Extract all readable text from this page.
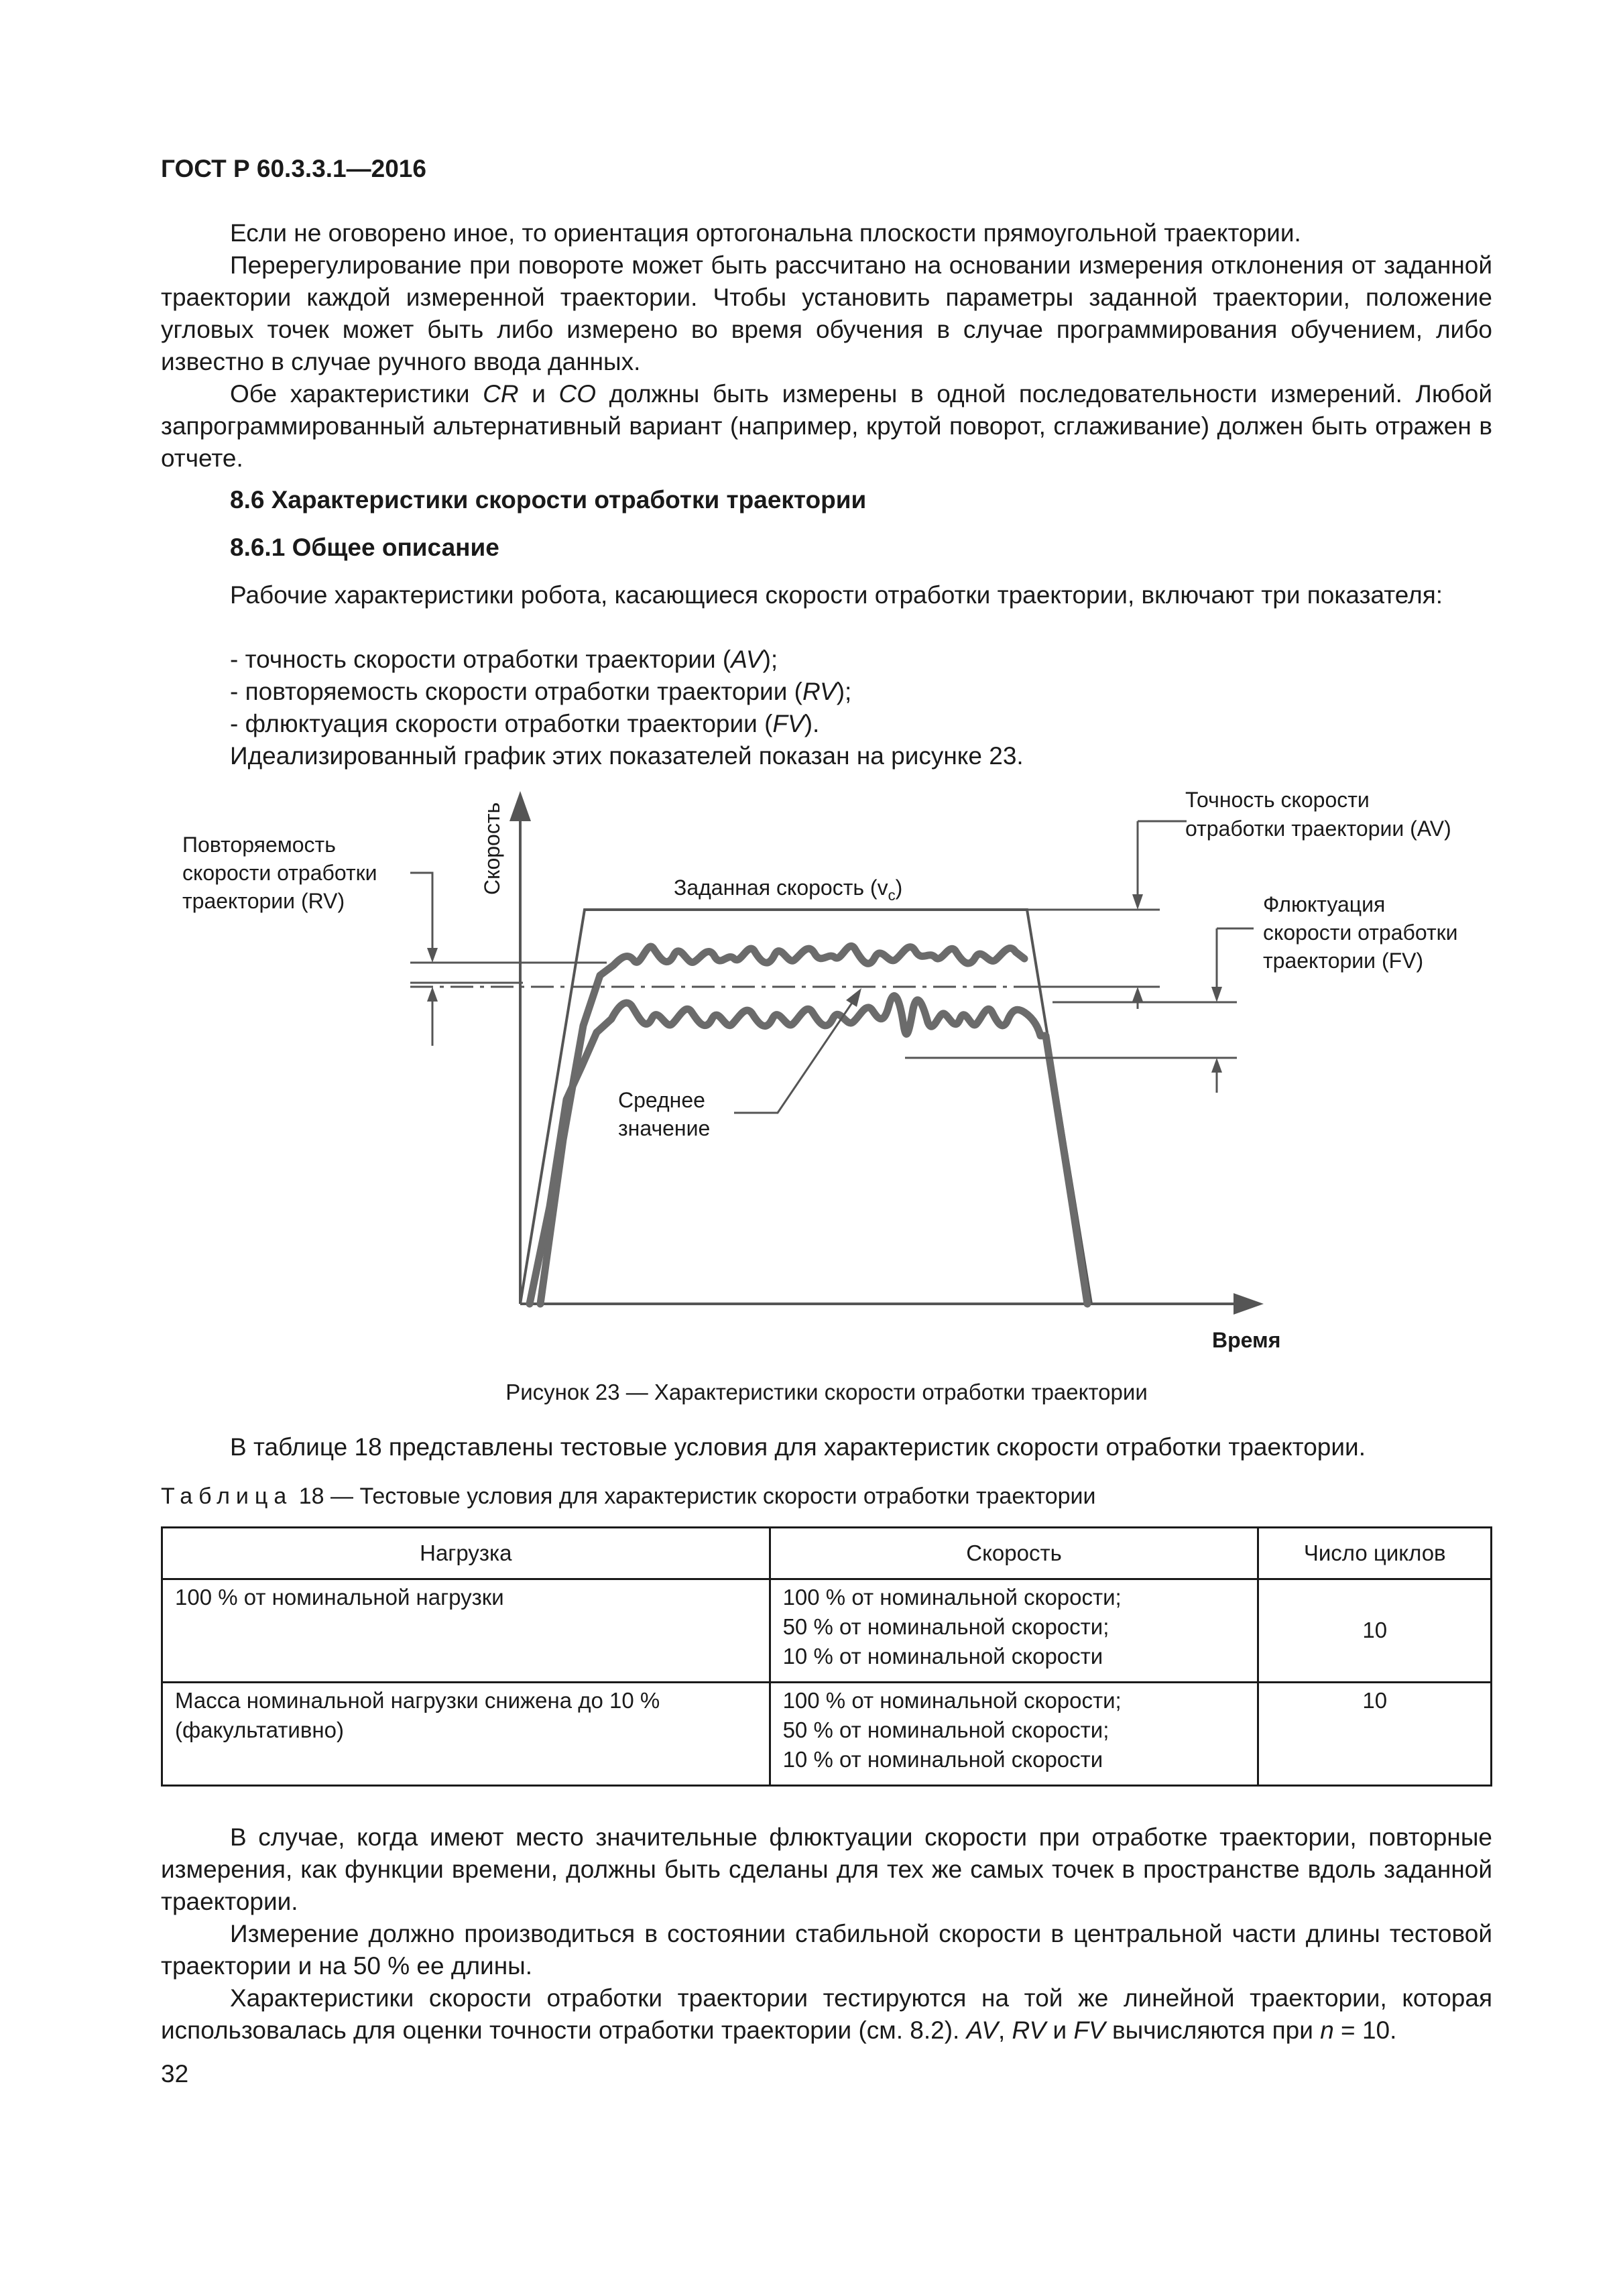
ГОСТ Р 60.3.3.1—2016

Если не оговорено иное, то ориентация ортогональна плоскости прямоугольной траектории.

Перерегулирование при повороте может быть рассчитано на основании измерения отклонения от заданной траектории каждой измеренной траектории. Чтобы установить параметры заданной траектории, положение угловых точек может быть либо измерено во время обучения в случае программирования обучением, либо известно в случае ручного ввода данных.

Обе характеристики CR и CO должны быть измерены в одной последовательности измерений. Любой запрограммированный альтернативный вариант (например, крутой поворот, сглаживание) должен быть отражен в отчете.

8.6 Характеристики скорости отработки траектории
8.6.1 Общее описание

Рабочие характеристики робота, касающиеся скорости отработки траектории, включают три показателя:

- точность скорости отработки траектории (AV);

- повторяемость скорости отработки траектории (RV);

- флюктуация скорости отработки траектории (FV).

Идеализированный график этих показателей показан на рисунке 23.

Скорость
Время
Заданная скорость $(v_c)$
Повторяемость скорости отработки траектории (RV)
Точность скорости отработки траектории (AV)
Флюктуация скорости отработки траектории (FV)
Среднее значение
Рисунок 23 — Характеристики скорости отработки траектории

В таблице 18 представлены тестовые условия для характеристик скорости отработки траектории.

Таблица 18 — Тестовые условия для характеристик скорости отработки траектории
Нагрузка	Скорость	Число циклов
100 % от номинальной нагрузки	100 % от номинальной скорости;
50 % от номинальной скорости;
10 % от номинальной скорости	10
Масса номинальной нагрузки снижена до 10 % (факультативно)	100 % от номинальной скорости;
50 % от номинальной скорости;
10 % от номинальной скорости	10

В случае, когда имеют место значительные флюктуации скорости при отработке траектории, повторные измерения, как функции времени, должны быть сделаны для тех же самых точек в пространстве вдоль заданной траектории.

Измерение должно производиться в состоянии стабильной скорости в центральной части длины тестовой траектории и на 50 % ее длины.

Характеристики скорости отработки траектории тестируются на той же линейной траектории, которая использовалась для оценки точности отработки траектории (см. 8.2). AV, RV и FV вычисляются при n = 10.

32
